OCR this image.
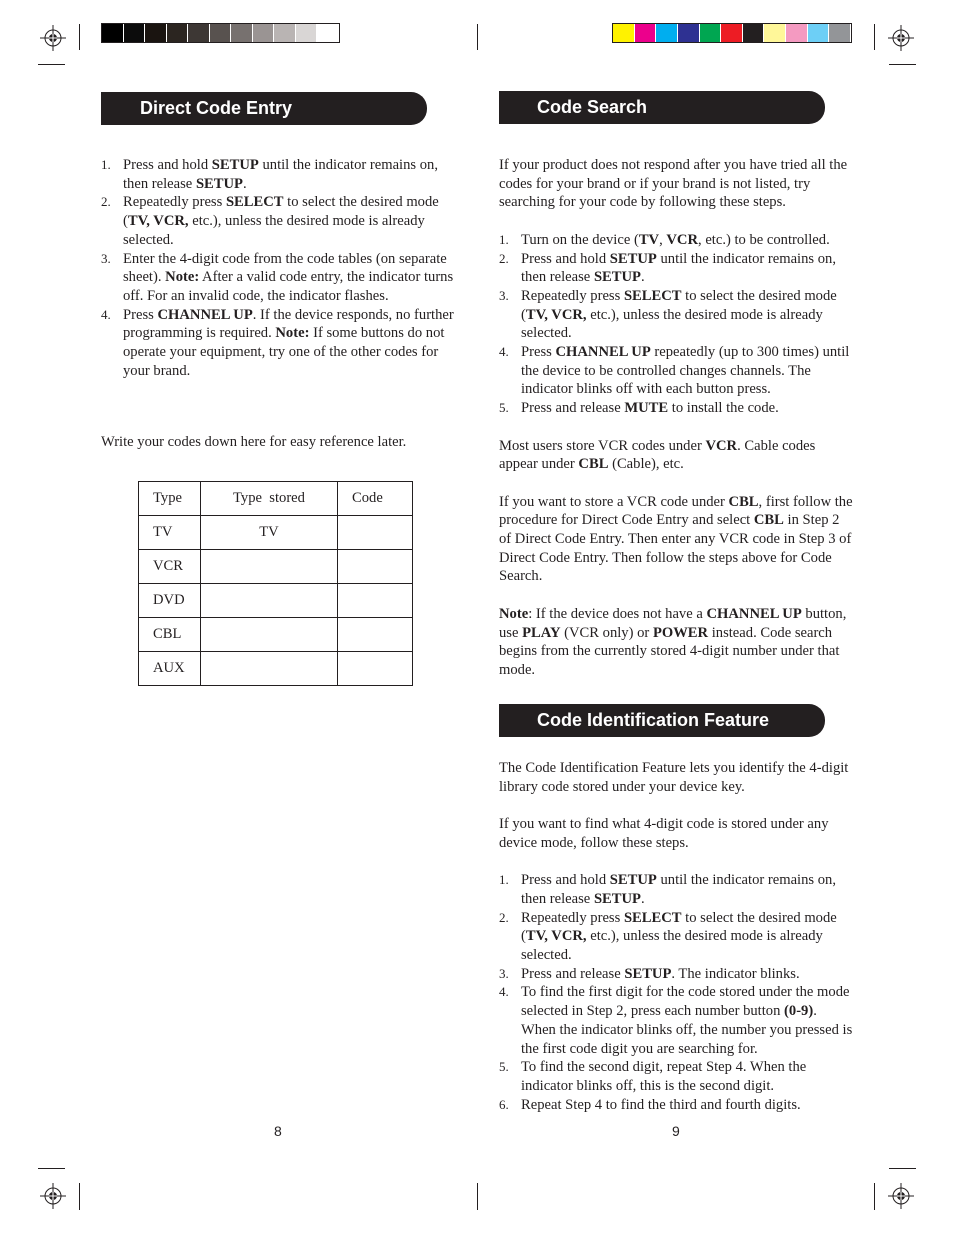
Direct Code Entry
1. Press and hold SETUP until the indicator remains on, then release SETUP.
2. Repeatedly press SELECT to select the desired mode (TV, VCR, etc.), unless the desired mode is already selected.
3. Enter the 4-digit code from the code tables (on separate sheet). Note: After a valid code entry, the indicator turns off. For an invalid code, the indicator flashes.
4. Press CHANNEL UP. If the device responds, no further programming is required. Note: If some buttons do not operate your equipment, try one of the other codes for your brand.

Write your codes down here for easy reference later.

Type	Type  stored	Code
TV	TV	
VCR		
DVD		
CBL		
AUX		
8
Code Search

If your product does not respond after you have tried all the codes for your brand or if your brand is not listed, try searching for your code by following these steps.

1. Turn on the device (TV, VCR, etc.) to be controlled.
2. Press and hold SETUP until the indicator remains on, then release SETUP.
3. Repeatedly press SELECT to select the desired mode (TV, VCR, etc.), unless the desired mode is already selected.
4. Press CHANNEL UP repeatedly (up to 300 times) until the device to be controlled changes channels. The indicator blinks off with each button press.
5. Press and release MUTE to install the code.

Most users store VCR codes under VCR. Cable codes appear under CBL (Cable), etc.

If you want to store a VCR code under CBL, first follow the procedure for Direct Code Entry and select CBL in Step 2 of Direct Code Entry. Then enter any VCR code in Step 3 of Direct Code Entry. Then follow the steps above for Code Search.

Note: If the device does not have a CHANNEL UP button, use PLAY (VCR only) or POWER instead. Code search begins from the currently stored 4-digit number under that mode.

Code Identification Feature

The Code Identification Feature lets you identify the 4-digit library code stored under your device key.

If you want to find what 4-digit code is stored under any device mode, follow these steps.

1. Press and hold SETUP until the indicator remains on, then release SETUP.
2. Repeatedly press SELECT to select the desired mode (TV, VCR, etc.), unless the desired mode is already selected.
3. Press and release SETUP. The indicator blinks.
4. To find the first digit for the code stored under the mode selected in Step 2, press each number button (0-9). When the indicator blinks off, the number you pressed is the first code digit you are searching for.
5. To find the second digit, repeat Step 4. When the indicator blinks off, this is the second digit.
6. Repeat Step 4 to find the third and fourth digits.
9
